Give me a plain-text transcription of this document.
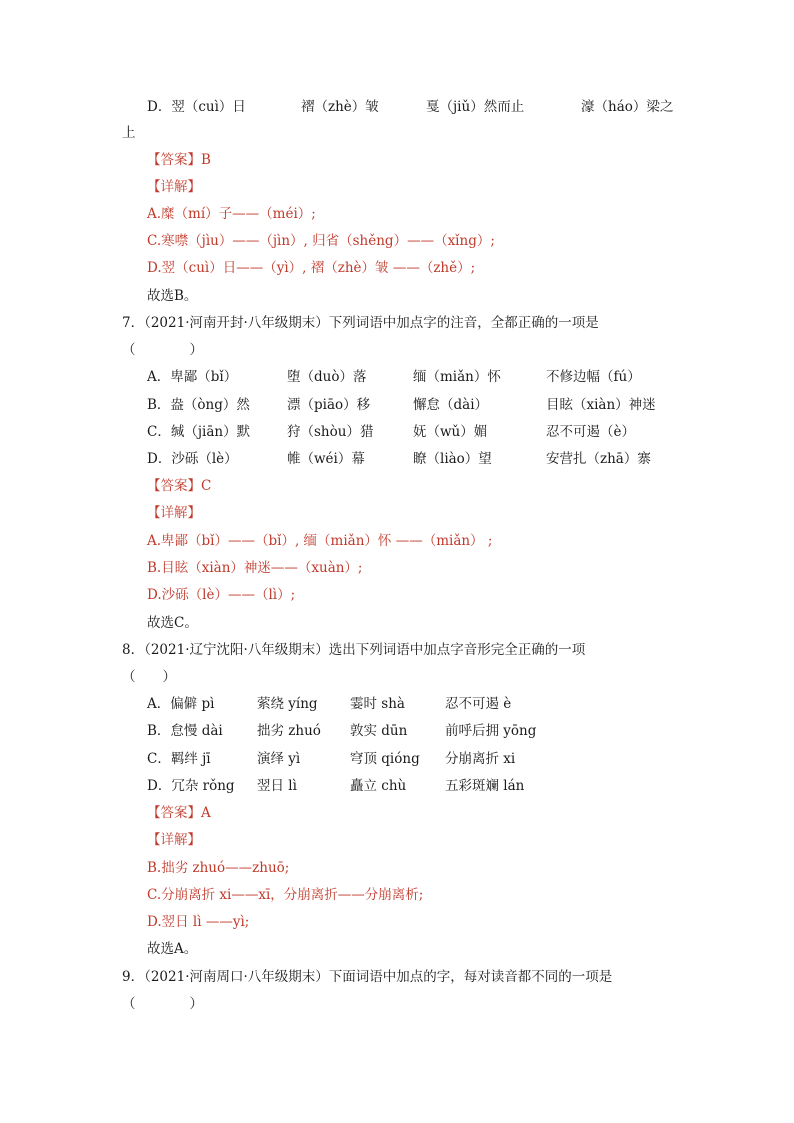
D．翌（cuì）日	褶（zhè）皱	戛（jiǔ）然而止	濠（háo）梁之
上
【答案】B
【详解】
A.糜（mí）子——（méi）;
C.寒噤（jìu）——（jìn）, 归省（shěng）——（xǐng）;
D.翌（cuì）日——（yì）, 褶（zhè）皱 ——（zhě）;
故选B。
7．（2021·河南开封·八年级期末）下列词语中加点字的注音，全都正确的一项是
（　　　　）
A．卑鄙（bǐ）	堕（duò）落	缅（miǎn）怀	不修边幅（fú）
B．盎（òng）然	漂（piāo）移	懈怠（dài）	目眩（xiàn）神迷
C．缄（jiān）默	狩（shòu）猎	妩（wǔ）媚	忍不可遏（è）
D．沙砾（lè）	帷（wéi）幕	瞭（liào）望	安营扎（zhā）寨
【答案】C
【详解】
A.卑鄙（bǐ）——（bǐ）, 缅（miǎn）怀 ——（miǎn） ;
B.目眩（xiàn）神迷——（xuàn）;
D.沙砾（lè）——（lì）;
故选C。
8．（2021·辽宁沈阳·八年级期末）选出下列词语中加点字音形完全正确的一项
（　　）
A．偏僻 pì	萦绕 yíng 霎时 shà	忍不可遏 è
B．怠慢 dài	拙劣 zhuó 敦实 dūn	前呼后拥 yōng
C．羁绊 jī	演绎 yì	穹顶 qióng 分崩离折 xi
D．冗杂 rǒng 翌日 lì	矗立 chù	五彩斑斓 lán
【答案】A
【详解】
B.拙劣 zhuó——zhuō;
C.分崩离折 xi——xī，分崩离折——分崩离析;
D.翌日 lì ——yì;
故选A。
9．（2021·河南周口·八年级期末）下面词语中加点的字，每对读音都不同的一项是
（　　　　）
